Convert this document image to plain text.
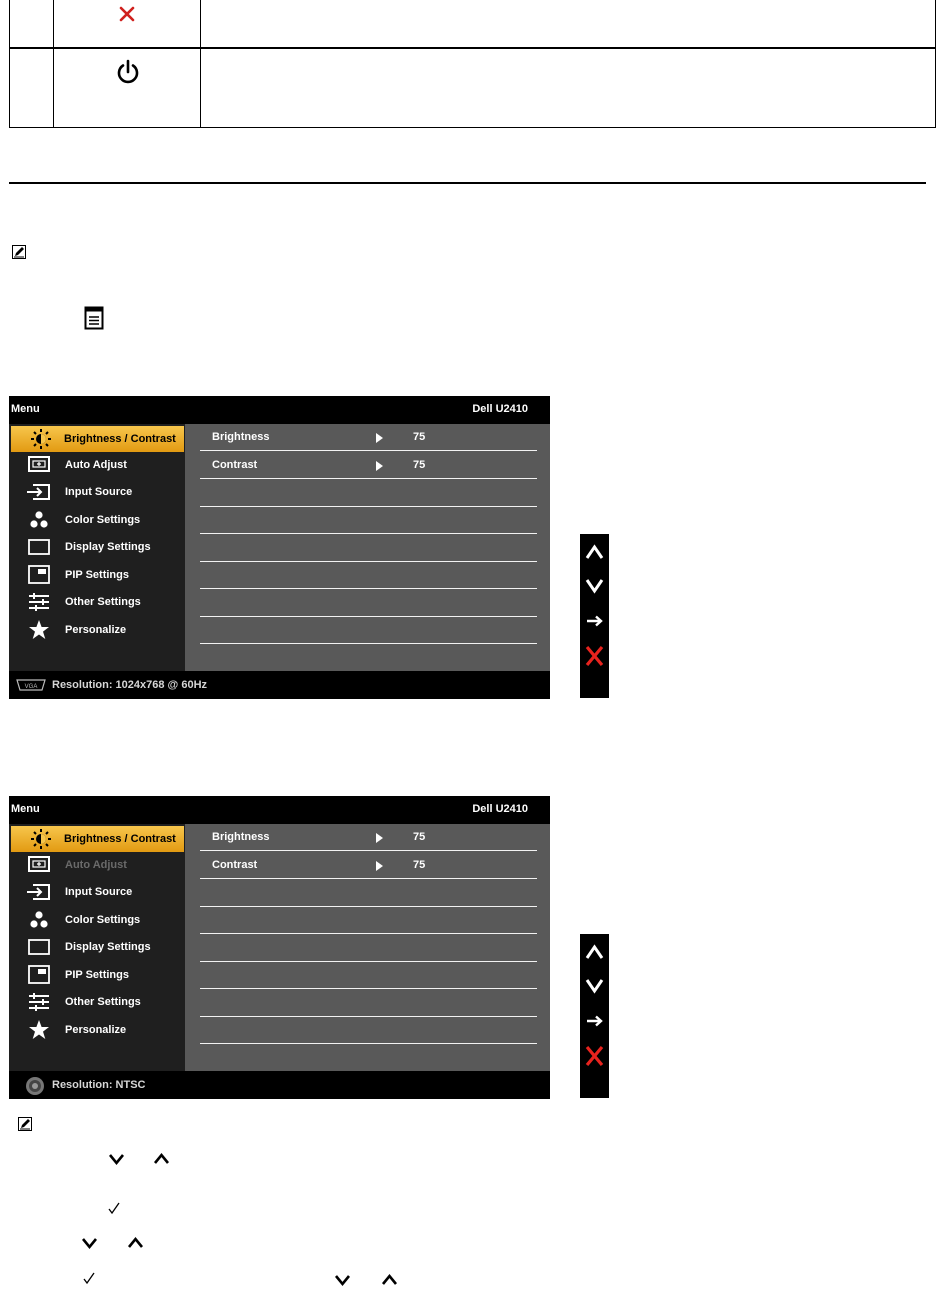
Menu	Dell U2410
Brightness / Contrast
Auto Adjust
Input Source
Color Settings
Display Settings
PIP Settings
Other Settings
Personalize
Brightness	75
Contrast	75
VGA Resolution: 1024x768 @ 60Hz
Menu	Dell U2410
Brightness / Contrast
Auto Adjust
Input Source
Color Settings
Display Settings
PIP Settings
Other Settings
Personalize
Brightness	75
Contrast	75
Resolution: NTSC
